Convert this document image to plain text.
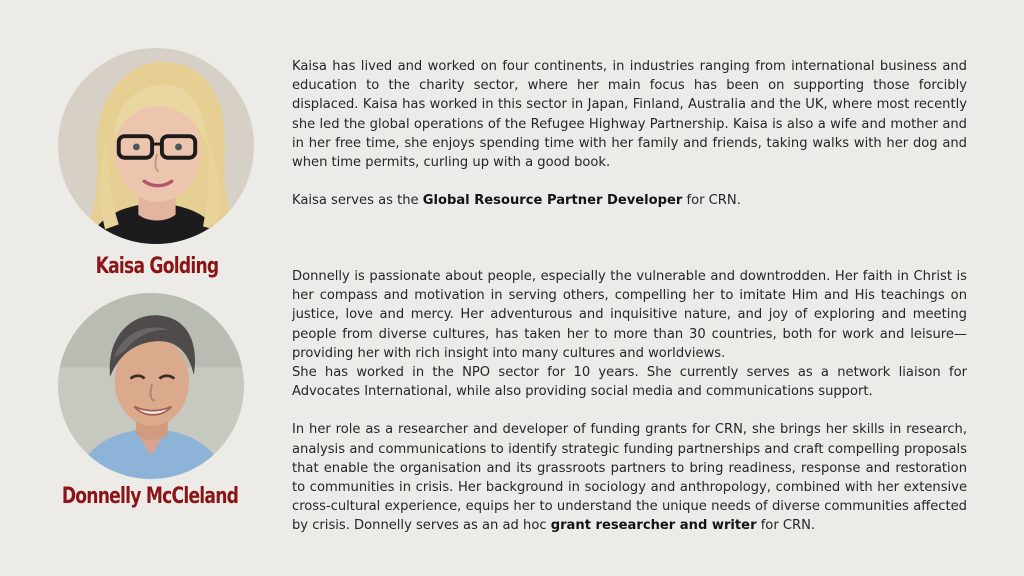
Kaisa Golding

Kaisa has lived and worked on four continents, in industries ranging from international business and education to the charity sector, where her main focus has been on supporting those forcibly displaced. Kaisa has worked in this sector in Japan, Finland, Australia and the UK, where most recently she led the global operations of the Refugee Highway Partnership. Kaisa is also a wife and mother and in her free time, she enjoys spending time with her family and friends, taking walks with her dog and when time permits, curling up with a good book.

Kaisa serves as the Global Resource Partner Developer for CRN.

Donnelly McCleland

Donnelly is passionate about people, especially the vulnerable and downtrodden. Her faith in Christ is her compass and motivation in serving others, compelling her to imitate Him and His teachings on justice, love and mercy. Her adventurous and inquisitive nature, and joy of exploring and meeting people from diverse cultures, has taken her to more than 30 countries, both for work and leisure—providing her with rich insight into many cultures and worldviews.

She has worked in the NPO sector for 10 years. She currently serves as a network liaison for Advocates International, while also providing social media and communications support.

In her role as a researcher and developer of funding grants for CRN, she brings her skills in research, analysis and communications to identify strategic funding partnerships and craft compelling proposals that enable the organisation and its grassroots partners to bring readiness, response and restoration to communities in crisis. Her background in sociology and anthropology, combined with her extensive cross-cultural experience, equips her to understand the unique needs of diverse communities affected by crisis. Donnelly serves as an ad hoc grant researcher and writer for CRN.
